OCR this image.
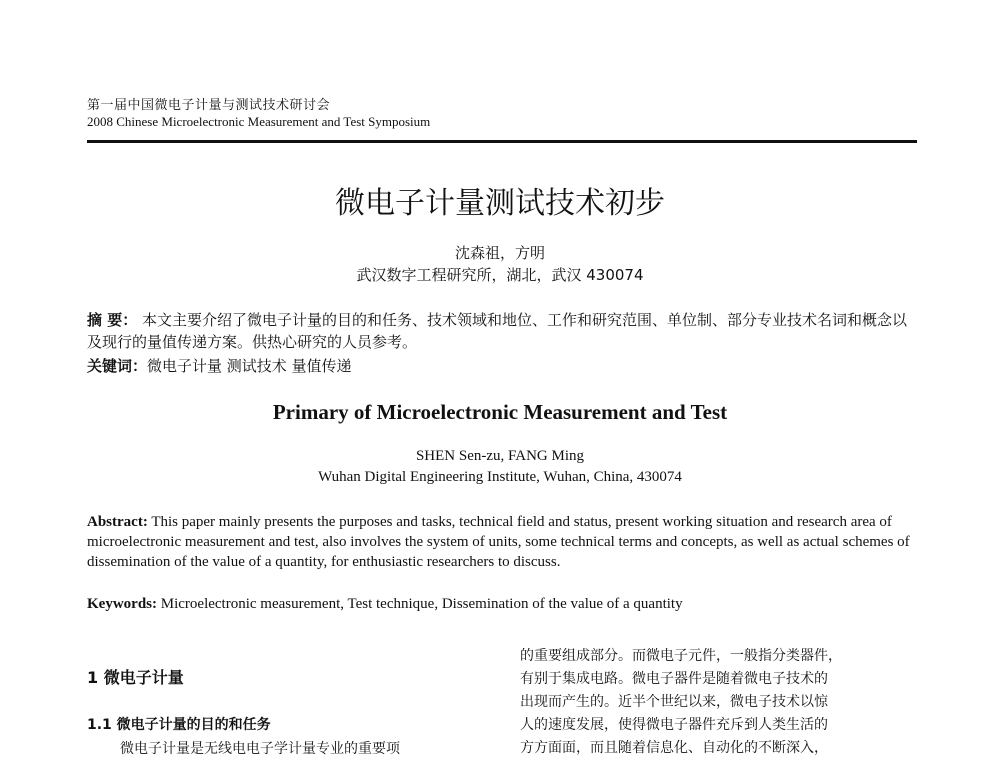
第一届中国微电子计量与测试技术研讨会
2008 Chinese Microelectronic Measurement and Test Symposium
微电子计量测试技术初步
沈森祖，方明
武汉数字工程研究所，湖北，武汉 430074
摘 要： 本文主要介绍了微电子计量的目的和任务、技术领域和地位、工作和研究范围、单位制、部分专业技术名词和概念以及现行的量值传递方案。供热心研究的人员参考。
关键词：微电子计量 测试技术 量值传递
Primary of Microelectronic Measurement and Test
SHEN Sen-zu, FANG Ming
Wuhan Digital Engineering Institute, Wuhan, China, 430074
Abstract: This paper mainly presents the purposes and tasks, technical field and status, present working situation and research area of microelectronic measurement and test, also involves the system of units, some technical terms and concepts, as well as actual schemes of dissemination of the value of a quantity, for enthusiastic researchers to discuss.
Keywords: Microelectronic measurement, Test technique, Dissemination of the value of a quantity
1 微电子计量
1.1 微电子计量的目的和任务
微电子计量是无线电电子学计量专业的重要项
的重要组成部分。而微电子元件，一般指分类器件，
有别于集成电路。微电子器件是随着微电子技术的
出现而产生的。近半个世纪以来，微电子技术以惊
人的速度发展，使得微电子器件充斥到人类生活的
方方面面，而且随着信息化、自动化的不断深入，
